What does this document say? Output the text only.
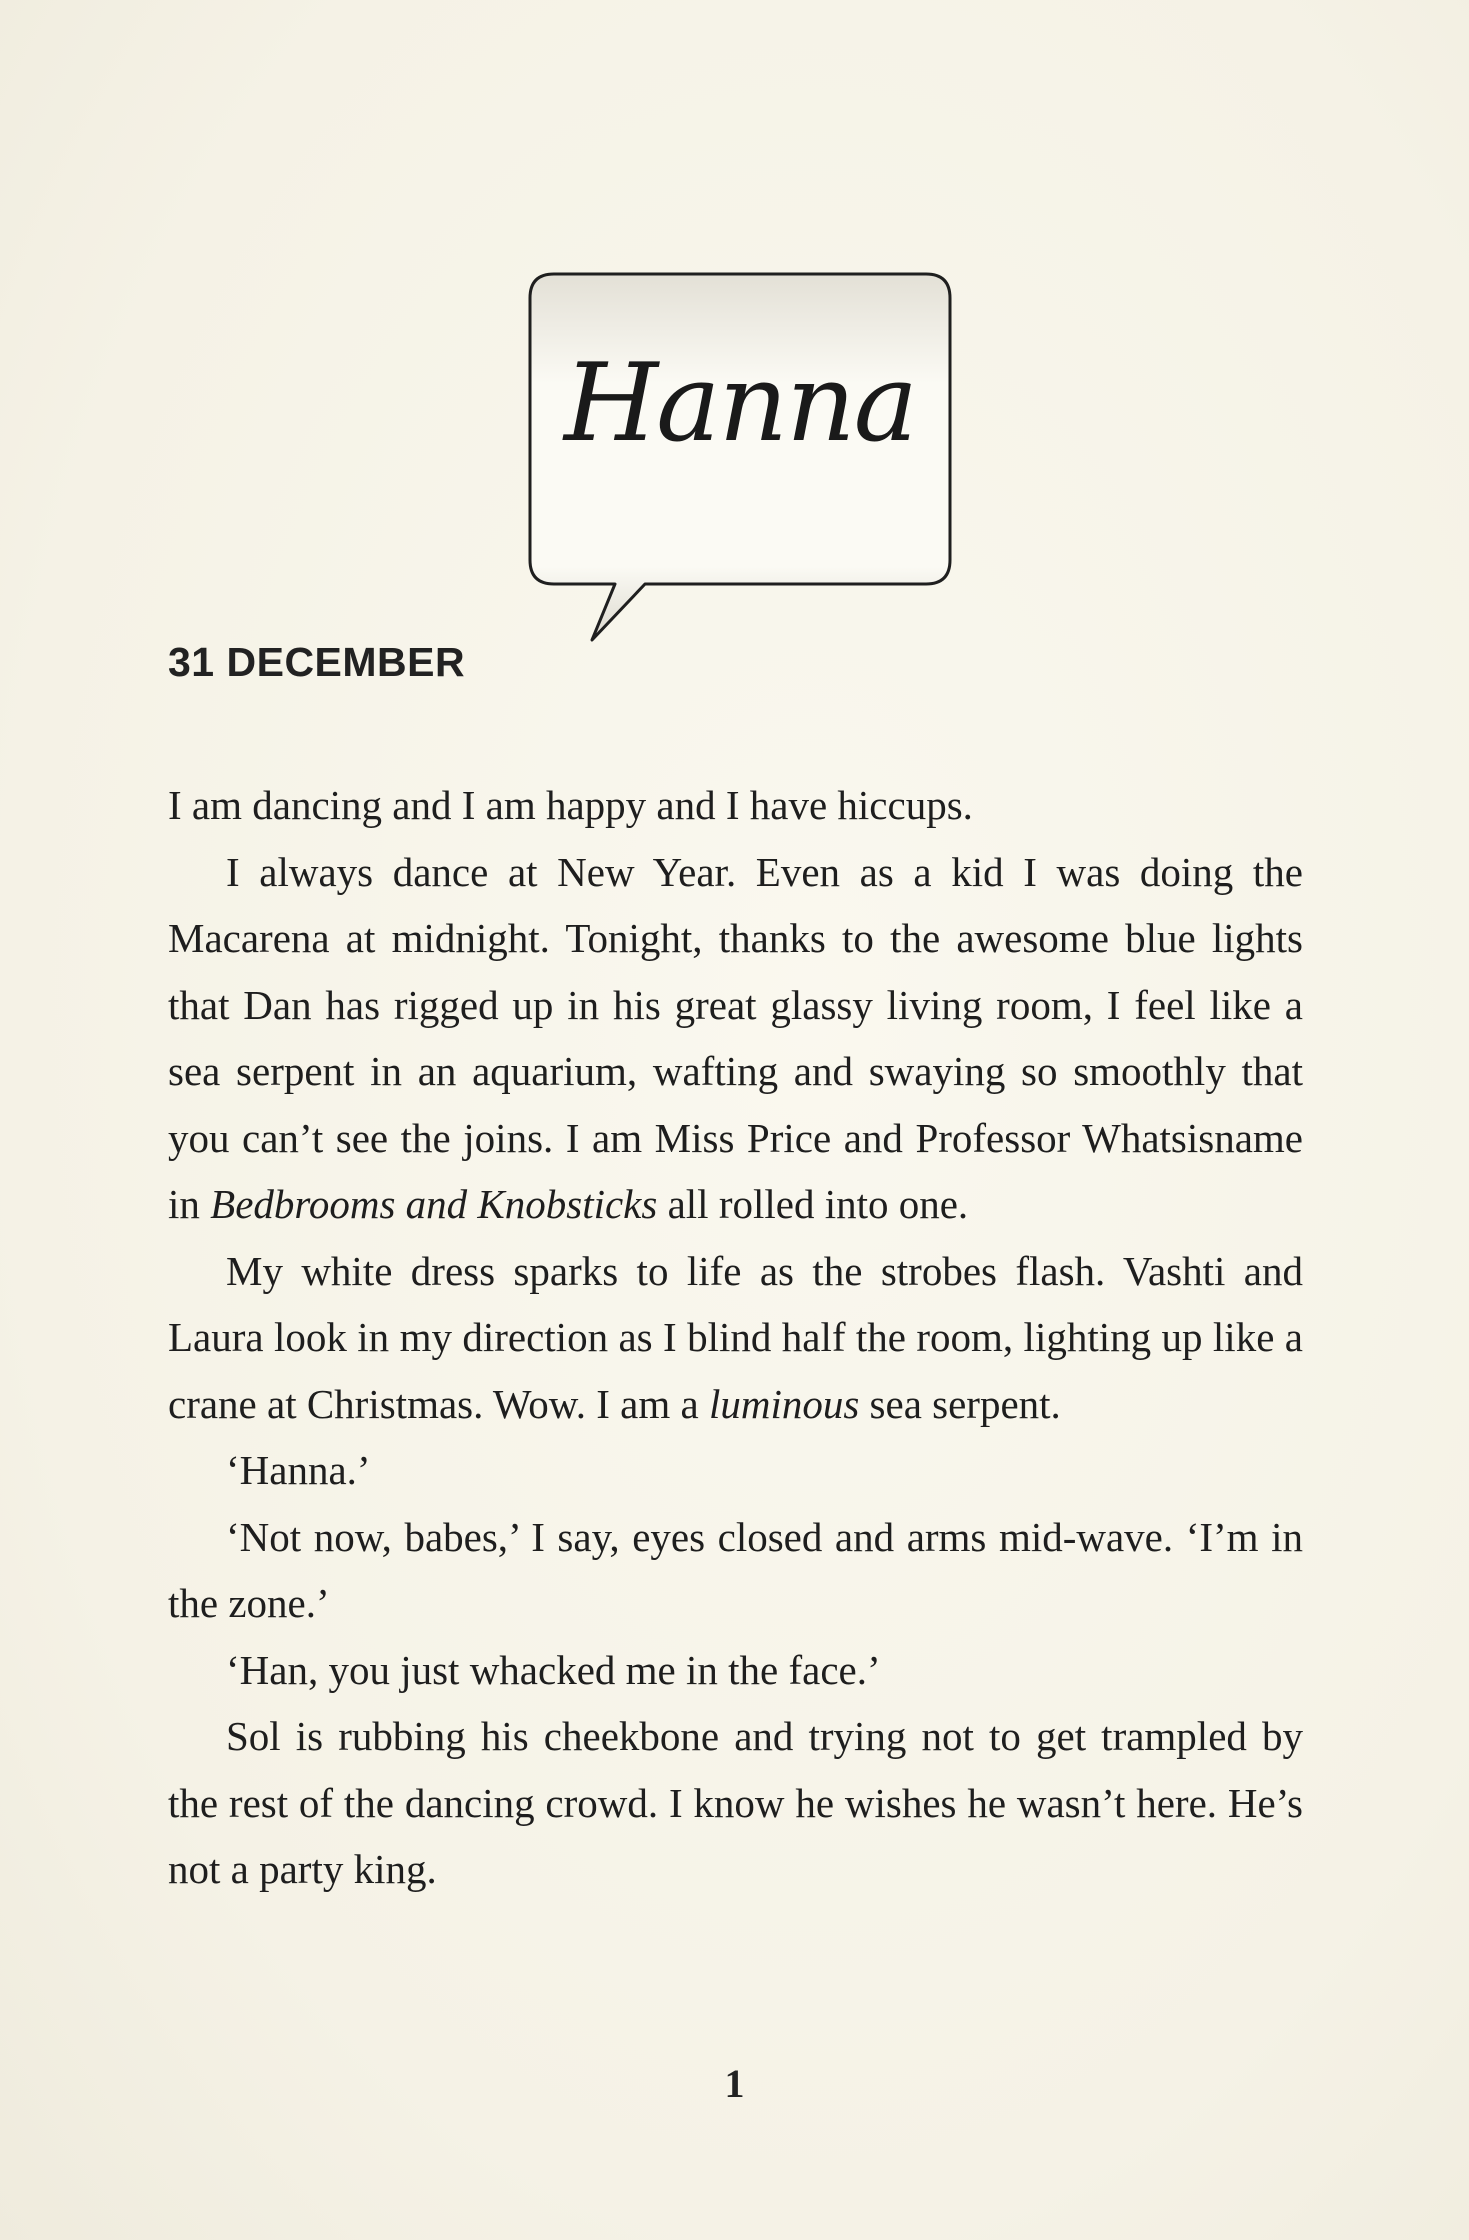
Hanna
31 DECEMBER

I am dancing and I am happy and I have hiccups.

I always dance at New Year. Even as a kid I was doing the Macarena at midnight. Tonight, thanks to the awesome blue lights that Dan has rigged up in his great glassy living room, I feel like a sea serpent in an aquarium, wafting and swaying so smoothly that you can’t see the joins. I am Miss Price and Professor Whatsisname in Bedbrooms and Knobsticks all rolled into one.

My white dress sparks to life as the strobes flash. Vashti and Laura look in my direction as I blind half the room, lighting up like a crane at Christmas. Wow. I am a luminous sea serpent.

‘Hanna.’

‘Not now, babes,’ I say, eyes closed and arms mid-wave. ‘I’m in the zone.’

‘Han, you just whacked me in the face.’

Sol is rubbing his cheekbone and trying not to get trampled by the rest of the dancing crowd. I know he wishes he wasn’t here. He’s not a party king.

1
